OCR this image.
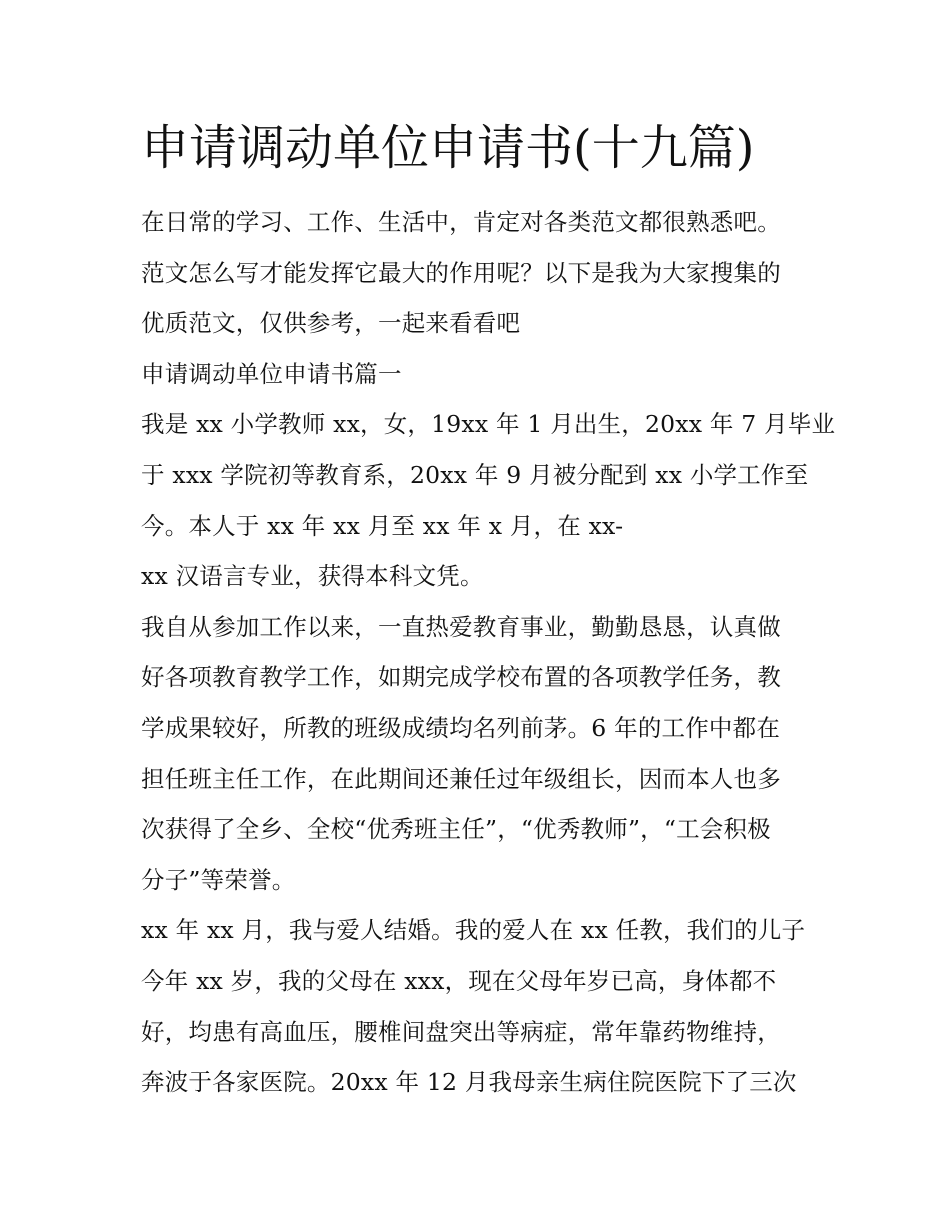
申请调动单位申请书(十九篇)
在日常的学习、工作、生活中，肯定对各类范文都很熟悉吧。
范文怎么写才能发挥它最大的作用呢？以下是我为大家搜集的
优质范文，仅供参考，一起来看看吧
申请调动单位申请书篇一
我是 xx 小学教师 xx，女，19xx 年 1 月出生，20xx 年 7 月毕业
于 xxx 学院初等教育系，20xx 年 9 月被分配到 xx 小学工作至
今。本人于 xx 年 xx 月至 xx 年 x 月，在 xx-
xx 汉语言专业，获得本科文凭。
我自从参加工作以来，一直热爱教育事业，勤勤恳恳，认真做
好各项教育教学工作，如期完成学校布置的各项教学任务，教
学成果较好，所教的班级成绩均名列前茅。6 年的工作中都在
担任班主任工作，在此期间还兼任过年级组长，因而本人也多
次获得了全乡、全校“优秀班主任”，“优秀教师”，“工会积极
分子”等荣誉。
xx 年 xx 月，我与爱人结婚。我的爱人在 xx 任教，我们的儿子
今年 xx 岁，我的父母在 xxx，现在父母年岁已高，身体都不
好，均患有高血压，腰椎间盘突出等病症，常年靠药物维持，
奔波于各家医院。20xx 年 12 月我母亲生病住院医院下了三次
